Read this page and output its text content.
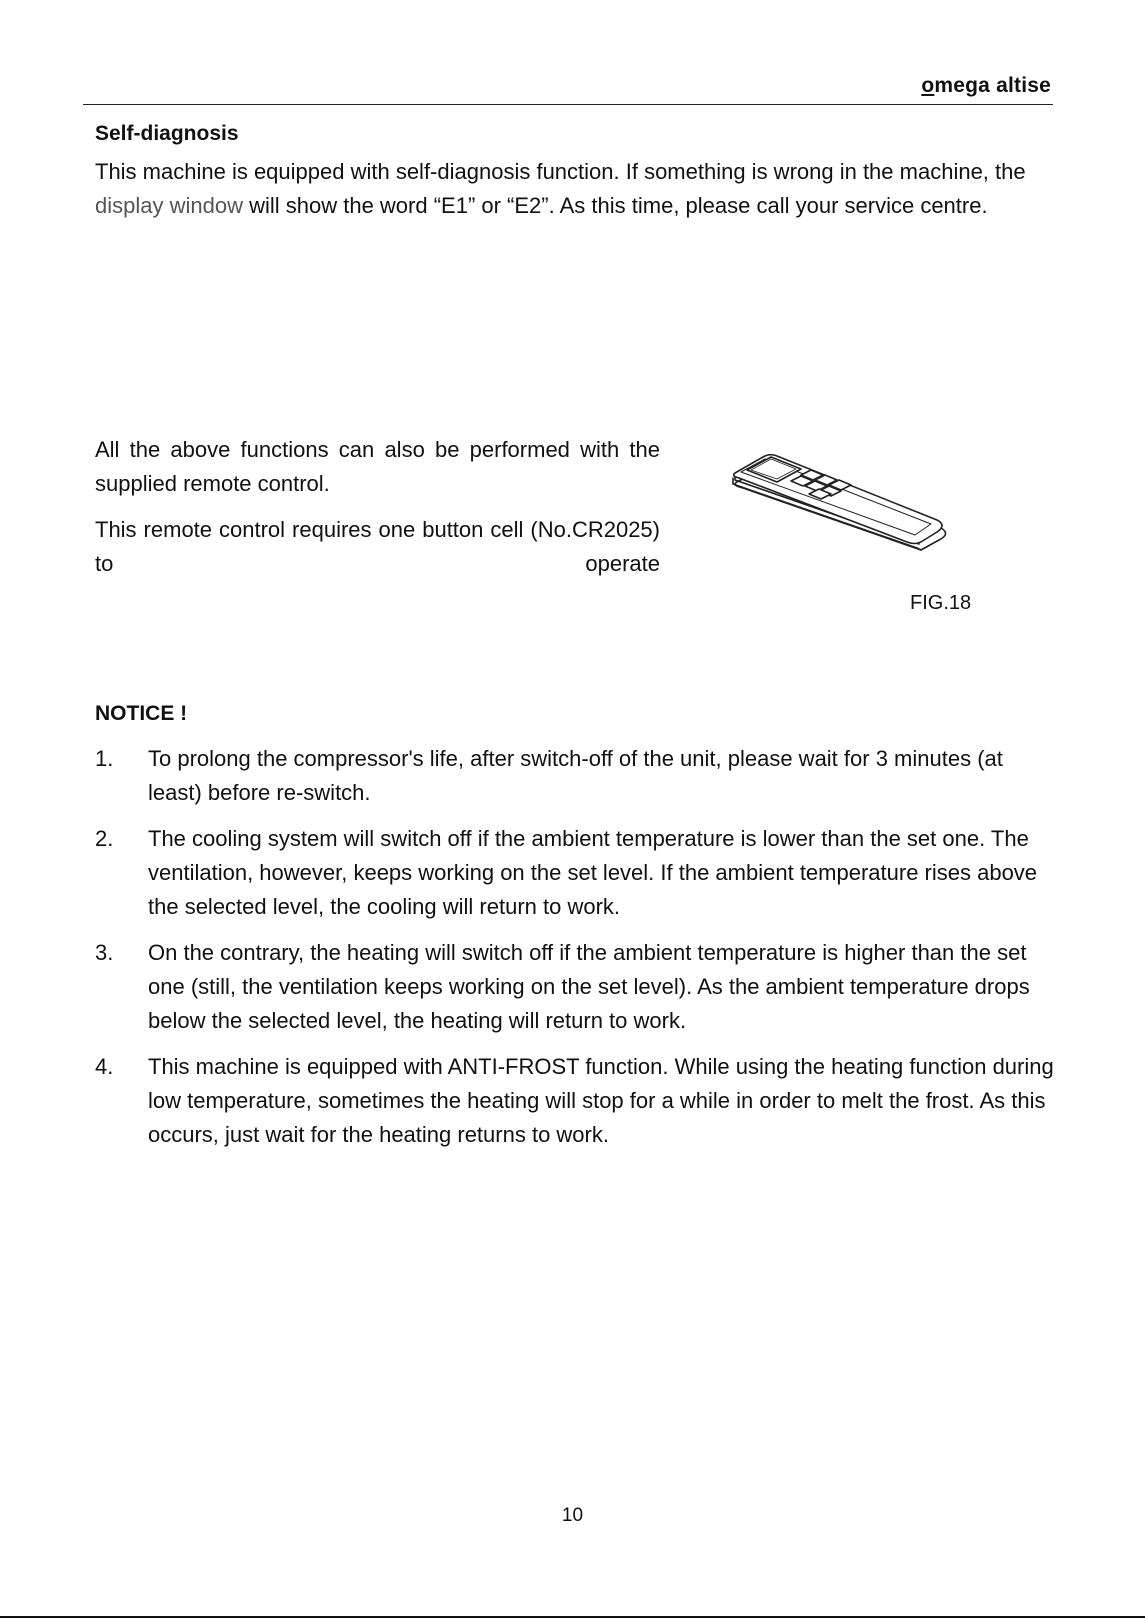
omega altise
Self-diagnosis
This machine is equipped with self-diagnosis function. If something is wrong in the machine, the display window will show the word “E1” or “E2”. As this time, please call your service centre.
All the above functions can also be performed with the supplied remote control.
This remote control requires one button cell (No.CR2025) to operate
FIG.18
NOTICE !
1. To prolong the compressor's life, after switch-off of the unit, please wait for 3 minutes (at least) before re-switch.
2. The cooling system will switch off if the ambient temperature is lower than the set one. The ventilation, however, keeps working on the set level. If the ambient temperature rises above the selected level, the cooling will return to work.
3. On the contrary, the heating will switch off if the ambient temperature is higher than the set one (still, the ventilation keeps working on the set level). As the ambient temperature drops below the selected level, the heating will return to work.
4. This machine is equipped with ANTI-FROST function. While using the heating function during low temperature, sometimes the heating will stop for a while in order to melt the frost. As this occurs, just wait for the heating returns to work.
10
